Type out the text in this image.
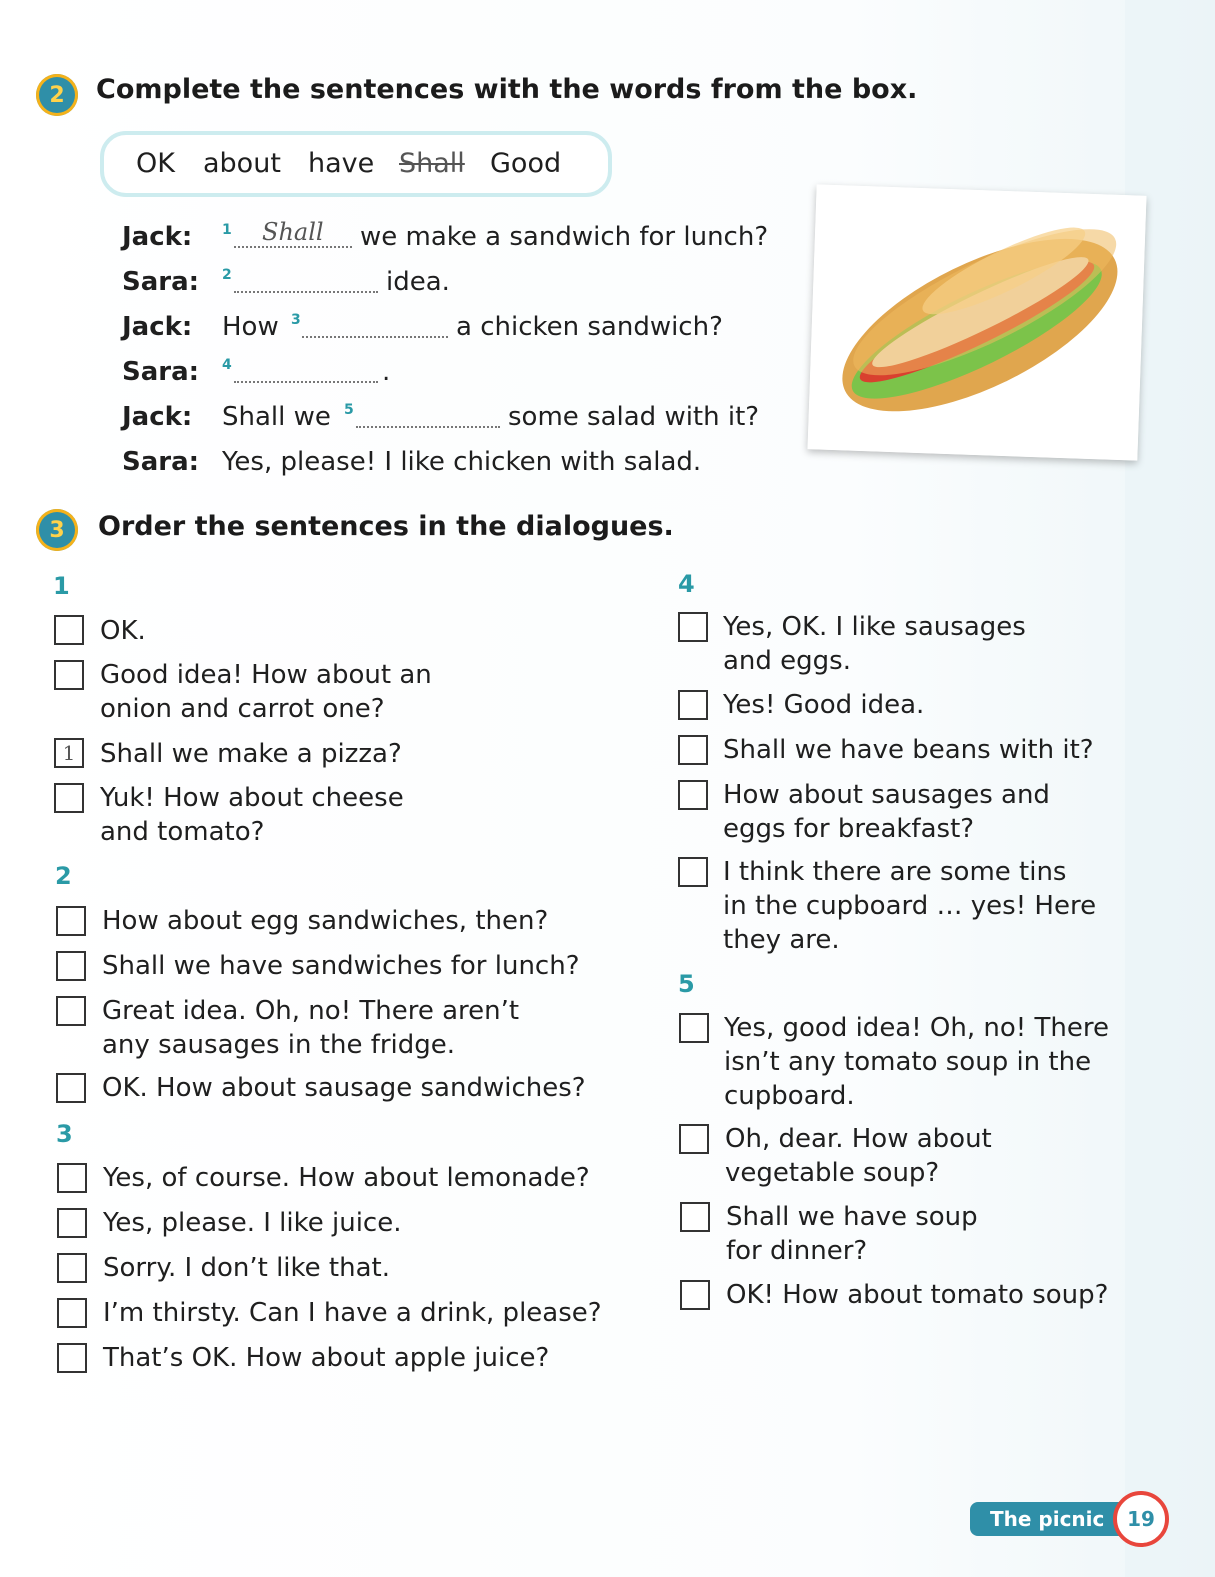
2	Complete the sentences with the words from the box.
OK about have Shall Good
Jack: 1 Shall we make a sandwich for lunch?
Sara: 2	idea.
Jack: How 3	a chicken sandwich?
Sara: 4	.
Jack: Shall we 5	some salad with it?
Sara: Yes, please! I like chicken with salad.
3	Order the sentences in the dialogues.
1
OK.
Good idea! How about an
onion and carrot one?
1 Shall we make a pizza?
Yuk! How about cheese
and tomato?
2
How about egg sandwiches, then?
Shall we have sandwiches for lunch?
Great idea. Oh, no! There aren’t
any sausages in the fridge.
OK. How about sausage sandwiches?
3
Yes, of course. How about lemonade?
Yes, please. I like juice.
Sorry. I don’t like that.
I’m thirsty. Can I have a drink, please?
That’s OK. How about apple juice?
4
Yes, OK. I like sausages
and eggs.
Yes! Good idea.
Shall we have beans with it?
How about sausages and
eggs for breakfast?
I think there are some tins
in the cupboard … yes! Here
they are.
5
Yes, good idea! Oh, no! There
isn’t any tomato soup in the
cupboard.
Oh, dear. How about
vegetable soup?
Shall we have soup
for dinner?
OK! How about tomato soup?
The picnic	19
